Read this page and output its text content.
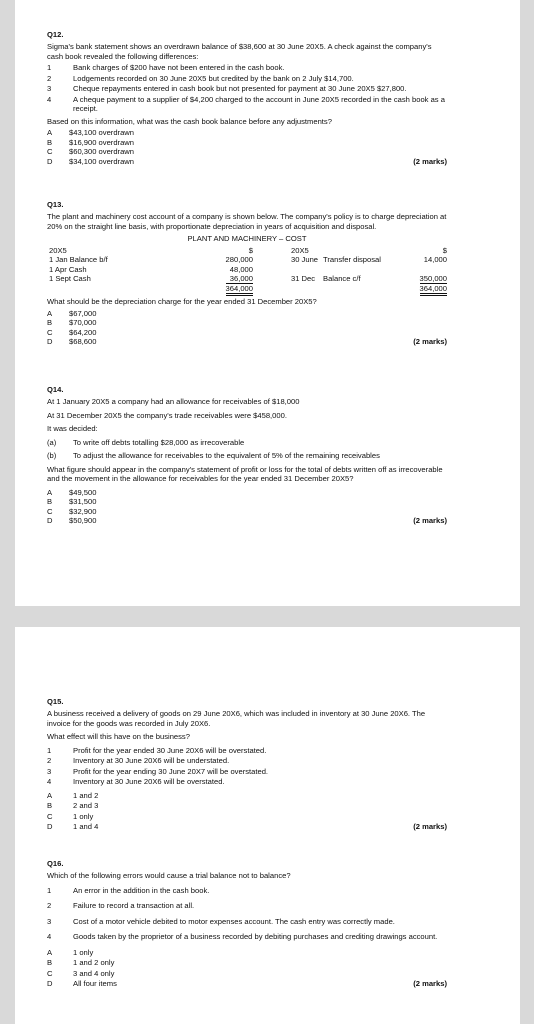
Q12.
Sigma's bank statement shows an overdrawn balance of $38,600 at 30 June 20X5. A check against the company's cash book revealed the following differences:
1	Bank charges of $200 have not been entered in the cash book.
2	Lodgements recorded on 30 June 20X5 but credited by the bank on 2 July $14,700.
3	Cheque repayments entered in cash book but not presented for payment at 30 June 20X5 $27,800.
4	A cheque payment to a supplier of $4,200 charged to the account in June 20X5 recorded in the cash book as a receipt.
Based on this information, what was the cash book balance before any adjustments?
A	$43,100 overdrawn
B	$16,900 overdrawn
C	$60,300 overdrawn
D	$34,100 overdrawn	(2 marks)
Q13.
The plant and machinery cost account of a company is shown below. The company's policy is to charge depreciation at 20% on the straight line basis, with proportionate depreciation in years of acquisition and disposal.
PLANT AND MACHINERY – COST
20X5	$		20X5		$
1 Jan Balance b/f	280,000		30 June	Transfer disposal	14,000
1 Apr Cash	48,000				
1 Sept Cash	36,000		31 Dec	Balance c/f	350,000
	364,000				364,000
What should be the depreciation charge for the year ended 31 December 20X5?
A	$67,000
B	$70,000
C	$64,200
D	$68,600	(2 marks)
Q14.
At 1 January 20X5 a company had an allowance for receivables of $18,000
At 31 December 20X5 the company's trade receivables were $458,000.
It was decided:
(a)	To write off debts totalling $28,000 as irrecoverable
(b)	To adjust the allowance for receivables to the equivalent of 5% of the remaining receivables
What figure should appear in the company's statement of profit or loss for the total of debts written off as irrecoverable and the movement in the allowance for receivables for the year ended 31 December 20X5?
A	$49,500
B	$31,500
C	$32,900
D	$50,900	(2 marks)
Q15.
A business received a delivery of goods on 29 June 20X6, which was included in inventory at 30 June 20X6. The invoice for the goods was recorded in July 20X6.
What effect will this have on the business?
1	Profit for the year ended 30 June 20X6 will be overstated.
2	Inventory at 30 June 20X6 will be understated.
3	Profit for the year ending 30 June 20X7 will be overstated.
4	Inventory at 30 June 20X6 will be overstated.
A	1 and 2
B	2 and 3
C	1 only
D	1 and 4	(2 marks)
Q16.
Which of the following errors would cause a trial balance not to balance?
1	An error in the addition in the cash book.
2	Failure to record a transaction at all.
3	Cost of a motor vehicle debited to motor expenses account. The cash entry was correctly made.
4	Goods taken by the proprietor of a business recorded by debiting purchases and crediting drawings account.
A	1 only
B	1 and 2 only
C	3 and 4 only
D	All four items	(2 marks)
